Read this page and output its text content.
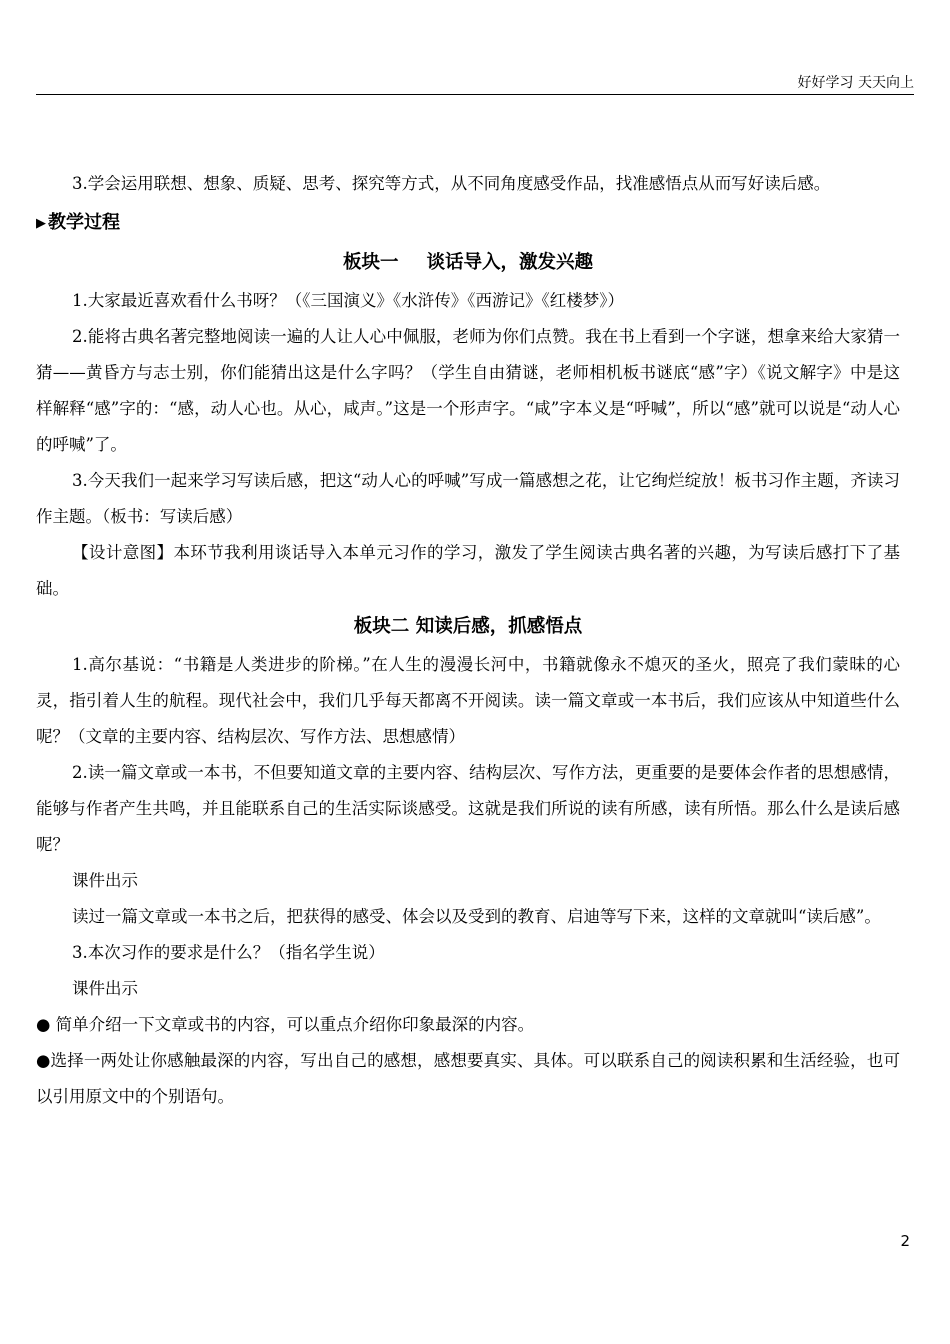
好好学习 天天向上

3.学会运用联想、想象、质疑、思考、探究等方式，从不同角度感受作品，找准感悟点从而写好读后感。

▶ 教学过程
板块一 谈话导入，激发兴趣

1.大家最近喜欢看什么书呀？（《三国演义》《水浒传》《西游记》《红楼梦》）

2.能将古典名著完整地阅读一遍的人让人心中佩服，老师为你们点赞。我在书上看到一个字谜，想拿来给大家猜一猜——黄昏方与志士别，你们能猜出这是什么字吗？（学生自由猜谜，老师相机板书谜底“感”字）《说文解字》中是这样解释“感”字的：“感，动人心也。从心，咸声。”这是一个形声字。“咸”字本义是“呼喊”，所以“感”就可以说是“动人心的呼喊”了。

3.今天我们一起来学习写读后感，把这“动人心的呼喊”写成一篇感想之花，让它绚烂绽放！板书习作主题，齐读习作主题。（板书：写读后感）

【设计意图】本环节我利用谈话导入本单元习作的学习，激发了学生阅读古典名著的兴趣，为写读后感打下了基础。

板块二 知读后感，抓感悟点

1.高尔基说：“书籍是人类进步的阶梯。”在人生的漫漫长河中，书籍就像永不熄灭的圣火，照亮了我们蒙昧的心灵，指引着人生的航程。现代社会中，我们几乎每天都离不开阅读。读一篇文章或一本书后，我们应该从中知道些什么呢？（文章的主要内容、结构层次、写作方法、思想感情）

2.读一篇文章或一本书，不但要知道文章的主要内容、结构层次、写作方法，更重要的是要体会作者的思想感情，能够与作者产生共鸣，并且能联系自己的生活实际谈感受。这就是我们所说的读有所感，读有所悟。那么什么是读后感呢？

课件出示

读过一篇文章或一本书之后，把获得的感受、体会以及受到的教育、启迪等写下来，这样的文章就叫“读后感”。

3.本次习作的要求是什么？（指名学生说）

课件出示

● 简单介绍一下文章或书的内容，可以重点介绍你印象最深的内容。

●选择一两处让你感触最深的内容，写出自己的感想，感想要真实、具体。可以联系自己的阅读积累和生活经验，也可以引用原文中的个别语句。

2
